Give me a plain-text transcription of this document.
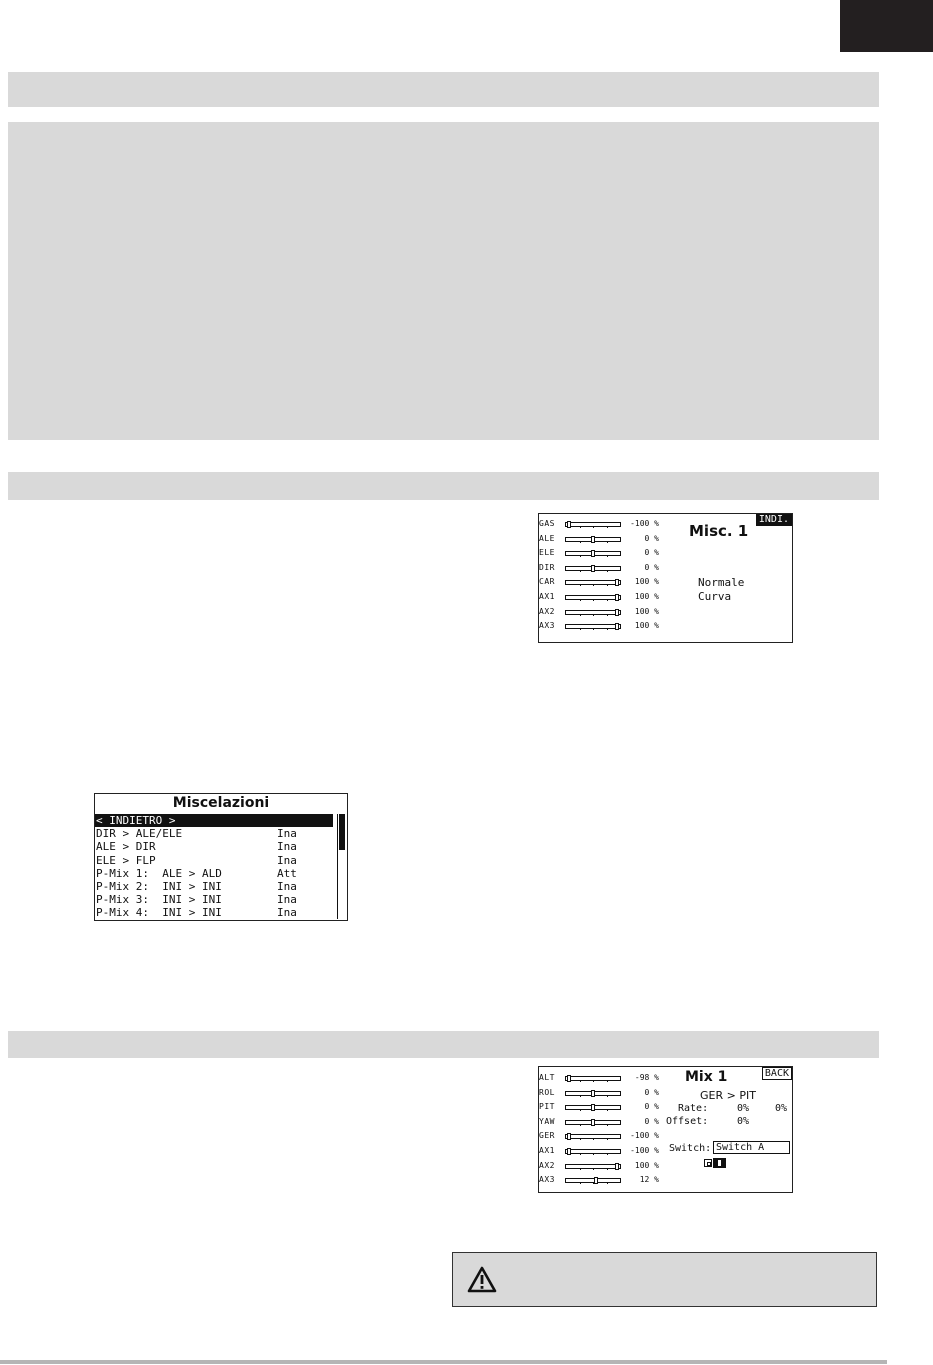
GAS	-100 %
ALE	0 %
ELE	0 %
DIR	0 %
CAR	100 %
AX1	100 %
AX2	100 %
AX3	100 %
Misc. 1
INDI.
Normale
Curva
Miscelazioni
< INDIETRO >
DIR > ALE/ELE	Ina
ALE > DIR	Ina
ELE > FLP	Ina
P-Mix 1:  ALE > ALD	Att
P-Mix 2:  INI > INI	Ina
P-Mix 3:  INI > INI	Ina
P-Mix 4:  INI > INI	Ina
ALT	-98 %
ROL	0 %
PIT	0 %
YAW	0 %
GER	-100 %
AX1	-100 %
AX2	100 %
AX3	12 %
Mix 1	BACK
GER > PIT
Rate:	0%	0%
Offset:	0%
Switch: Switch A
